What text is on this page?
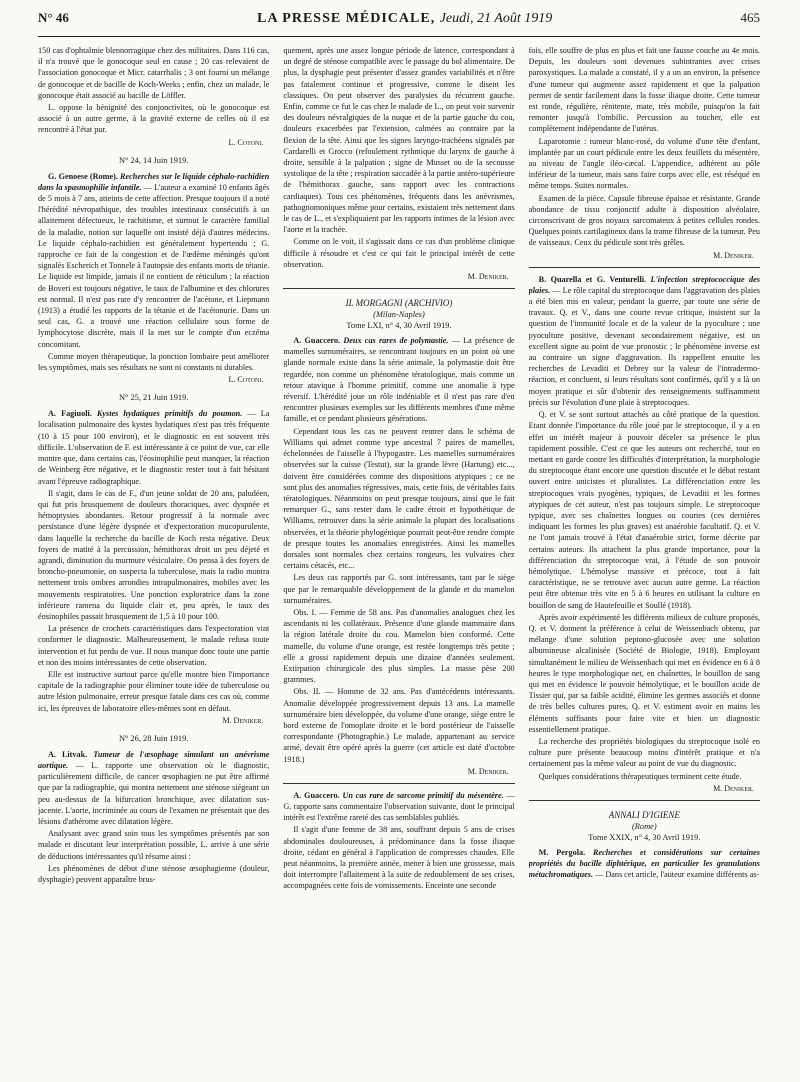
N° 46	LA PRESSE MÉDICALE, Jeudi, 21 Août 1919	465

150 cas d'ophtalmie blennorragique chez des militaires. Dans 116 cas, il n'a trouvé que le gonocoque seul en cause ; 20 cas relevaient de l'association gonocoque et Micr. catarrhalis ; 3 ont fourni un mélange de gonocoque et de bacille de Koch-Weeks ; enfin, chez un malade, le gonocoque était associé au bacille de Löffler.

L. oppose la bénignité des conjonctivites, où le gonocoque est associé à un autre germe, à la gravité externe de celles où il est rencontré à l'état pur.

L. Cotoni.
N° 24, 14 Juin 1919.

G. Genoese (Rome). Recherches sur le liquide céphalo-rachidien dans la spasmophilie infantile. — L'auteur a examiné 10 enfants âgés de 5 mois à 7 ans, atteints de cette affection. Presque toujours il a noté l'hérédité névropathique, des troubles intestinaux consécutifs à un allaitement défectueux, le rachitisme, et surtout le caractère familial de la maladie, notion sur laquelle ont insisté déjà d'autres médecins. Le liquide céphalo-rachidien est généralement hypertendu ; G. rapproche ce fait de la congestion et de l'œdème méningés qu'ont signalés Escherich et Tonnele à l'autopsie des enfants morts de tétanie. Le liquide est limpide, jamais il ne contient de réticulum ; la réaction de Boveri est toujours négative, le taux de l'albumine et des chlorures est normal. Il n'est pas rare d'y rencontrer de l'acétone, et Liepmann (1913) a étudié les rapports de la tétanie et de l'acétonurie. Dans un seul cas, G. a trouvé une réaction cellulaire sous forme de lymphocytose discrète, mais il la met sur le compte d'un eczéma concomitant.

Comme moyen thérapeutique, la ponction lombaire peut améliorer les symptômes, mais ses résultats ne sont ni constants ni durables.

L. Cotoni.
N° 25, 21 Juin 1919.

A. Fagiuoli. Kystes hydatiques primitifs du poumon. — La localisation pulmonaire des kystes hydatiques n'est pas très fréquente (10 à 15 pour 100 environ), et le diagnostic en est souvent très difficile. L'observation de F. est intéressante à ce point de vue, car elle montre que, dans certains cas, l'éosinophilie peut manquer, la réaction de Weinberg être négative, et le diagnostic rester tout à fait hésitant avant l'épreuve radiographique.

Il s'agit, dans le cas de F., d'un jeune soldat de 20 ans, paludéen, qui fut pris brusquement de douleurs thoraciques, avec dyspnée et hémoptysies abondantes. Retour progressif à la normale avec persistance d'une légère dyspnée et d'expectoration mucopurulente, dans laquelle la recherche du bacille de Koch resta négative. Deux foyers de matité à la percussion, hémithorax droit un peu déjeté et agrandi, diminution du murmure vésiculaire. On pensa à des foyers de broncho-pneumonie, on suspecta la tuberculose, mais la radio montra nettement trois ombres arrondies intrapulmonaires, mobiles avec les mouvements respiratoires. Une ponction exploratrice dans la zone inférieure ramena du liquide clair et, peu après, le taux des éosinophiles passait brusquement de 1,5 à 10 pour 100.

La présence de crochets caractéristiques dans l'expectoration vint conformer le diagnostic. Malheureusement, le malade refusa toute intervention et fut perdu de vue. Il nous manque donc toute une partie et non des moins intéressantes de cette observation.

Elle est instructive surtout parce qu'elle montre bien l'importance capitale de la radiographie pour éliminer toute idée de tuberculose ou autre lésion pulmonaire, erreur presque fatale dans ces cas où, comme ici, les épreuves de laboratoire elles-mêmes sont en défaut.

M. Deniker.
N° 26, 28 Juin 1919.

A. Litvak. Tumeur de l'œsophage simulant un anévrisme aortique. — L. rapporte une observation où le diagnostic, particulièrement difficile, de cancer œsophagien ne put être affirmé que par la radiographie, qui montra nettement une sténose siégeant un peu au-dessus de la bifurcation bronchique, avec dilatation sus-jacente. L'aorte, incriminée au cours de l'examen ne présentait que des lésions d'athérome avec dilatation légère.

Analysant avec grand soin tous les symptômes présentés par son malade et discutant leur interprétation possible, L. arrive à une série de déductions intéressantes qu'il résume ainsi :

Les phénomènes de début d'une sténose œsophagienne (douleur, dysphagie) peuvent apparaître brus-

quement, après une assez longue période de latence, correspondant à un degré de sténose compatible avec le passage du bol alimentaire. De plus, la dysphagie peut présenter d'assez grandes variabilités et n'être pas fatalement continue et progressive, comme le disent les classiques. On peut observer des paralysies du récurrent gauche. Enfin, comme ce fut le cas chez le malade de L., on peut voir survenir des douleurs névralgiques de la nuque et de la partie gauche du cou, douleurs exacerbées par l'extension, calmées au contraire par la flexion de la tête. Ainsi que les signes laryngo-trachéens signalés par Cardarelli et Grocco (refoulement rythmique du larynx de gauche à droite, sensible à la palpation ; signe de Musset ou de la secousse systolique de la tête ; respiration saccadée à la partie antéro-supérieure de l'hémithorax gauche, sans rapport avec les contractions cardiaques). Tous ces phénomènes, fréquents dans les anévrismes, pathognomoniques même pour certains, existaient très nettement dans le cas de L., et s'expliquaient par les rapports intimes de la lésion avec l'aorte et la trachée.

Comme on le voit, il s'agissait dans ce cas d'un problème clinique difficile à résoudre et c'est ce qui fait le principal intérêt de cette observation.

M. Deniker.
IL MORGAGNI (ARCHIVIO)
(Milan-Naples)
Tome LXI, n° 4, 30 Avril 1919.

A. Guaccero. Deux cas rares de polymastie. — La présence de mamelles surnuméraires, se rencontrant toujours en un point où une glande normale existe dans la série animale, la polymastie doit être regardée, non comme un phénomène tératologique, mais comme un retour atavique à l'homme primitif, comme une anomalie à type réversif. L'hérédité joue un rôle indéniable et il n'est pas rare d'en rencontrer plusieurs exemples sur les différents membres d'une même famille, et ce pendant plusieurs générations.

Cependant tous les cas ne peuvent rentrer dans le schéma de Williams qui admet comme type ancestral 7 paires de mamelles, échelonnées de l'aisselle à l'hypogastre. Les mamelles surnuméraires observées sur la cuisse (Testut), sur la grande lèvre (Hartung) etc..., doivent être considérées comme des dispositions atypiques ; ce ne sont plus des anomalies régressives, mais, cette fois, de véritables faits tératologiques. Néanmoins on peut presque toujours, ainsi que le fait remarquer G., sans rester dans le cadre étroit et hypothétique de Williams, retrouver dans la série animale la plupart des localisations observées, et la théorie phylogénique pourrait peut-être rendre compte de presque toutes les anomalies enregistrées. Ainsi les mamelles dorsales sont normales chez certains rongeurs, les vulvaires chez certains cétacés, etc...

Les deux cas rapportés par G. sont intéressants, tant par le siège que par le remarquable développement de la glande et du mamelon surnuméraires.

Obs. I. — Femme de 58 ans. Pas d'anomalies analogues chez les ascendants ni les collatéraux. Présence d'une glande mammaire dans la région latérale droite du cou. Mamelon bien conformé. Cette mamelle, du volume d'une orange, est restée longtemps très petite ; elle a grossi rapidement depuis une dizaine d'années seulement. Extirpation chirurgicale des plus simples. La masse pèse 200 grammes.

Obs. II. — Homme de 32 ans. Pas d'antécédents intéressants. Anomalie développée progressivement depuis 13 ans. La mamelle surnuméraire bien développée, du volume d'une orange, siège entre le bord externe de l'omoplate droite et le bord postérieur de l'aisselle correspondante (Photographie.) Le malade, appartenant au service armé, devait être opéré après la guerre (cet article est daté d'octobre 1918.)

M. Deniker.

A. Guaccero. Un cas rare de sarcome primitif du mésentère. — G. rapporte sans commentaire l'observation suivante, dont le principal intérêt est l'extrême rareté des cas semblables publiés.

Il s'agit d'une femme de 38 ans, souffrant depuis 5 ans de crises abdominales douloureuses, à prédominance dans la fosse iliaque droite, cédant en général à l'application de compresses chaudes. Elle peut néanmoins, la première année, mener à bien une grossesse, mais doit interrompre l'allaitement à la suite de redoublement de ses crises, accompagnées cette fois de vomissements. Enceinte une seconde

fois, elle souffre de plus en plus et fait une fausse couche au 4e mois. Depuis, les douleurs sont devenues subintrantes avec crises paroxystiques. La malade a constaté, il y a un an environ, la présence d'une tumeur qui augmente assez rapidement et que la palpation permet de sentir facilement dans la fosse iliaque droite. Cette tumeur est ronde, régulière, rénitente, mate, très mobile, puisqu'on la fait remonter jusqu'à l'ombilic. Percussion au toucher, elle est complètement indépendante de l'utérus.

Laparotomie : tumeur blanc-rosé, du volume d'une tête d'enfant, implantée par un court pédicule entre les deux feuillets du mésentère, au niveau de l'angle iléo-cæcal. L'appendice, adhérent au pôle inférieur de la tumeur, mais sans faire corps avec elle, est réséqué en même temps. Suites normales.

Examen de la pièce. Capsule fibreuse épaisse et résistante. Grande abondance de tissu conjonctif adulte à disposition alvéolaire, circonscrivant de gros noyaux sarcomateux à petites cellules rondes. Quelques points cartilagineux dans la trame fibreuse de la tumeur. Peu de vaisseaux. Ceux du pédicule sont très grêles.

M. Deniker.

B. Quarella et G. Venturelli. L'infection streptococcique des plaies. — Le rôle capital du streptocoque dans l'aggravation des plaies a été bien mis en valeur, pendant la guerre, par toute une série de travaux. Q. et V., dans une courte revue critique, insistent sur la question de l'immunité locale et de la valeur de la pyoculture ; une pyoculture positive, devenant secondairement négative, est un excellent signe au point de vue pronostic ; le phénomène inverse est au contraire un signe d'aggravation. Ils rappellent ensuite les recherches de Levaditi et Debrey sur la valeur de l'intradermo-réaction, et concluent, si leurs résultats sont confirmés, qu'il y a là un moyen pratique et sûr d'obtenir des renseignements suffisamment précis sur l'évolution d'une plaie à streptocoques.

Q. et V. se sont surtout attachés au côté pratique de la question. Etant donnée l'importance du rôle joué par le streptocoque, il y a en effet un intérêt majeur à pouvoir déceler sa présence le plus rapidement possible. C'est ce que les auteurs ont recherché, tout en mettant en garde contre les difficultés d'interprétation, la morphologie du streptocoque étant encore une question discutée et le débat restant ouvert entre unicistes et pluralistes. La différenciation entre les streptocoques vrais pyogènes, typiques, de Levaditi et les formes atypiques de cet auteur, n'est pas toujours simple. Le streptocoque typique, avec ses chaînettes longues ou courtes (ces dernières indiquant les formes les plus graves) est anaérobie facultatif. Q. et V. ne l'ont jamais trouvé à l'état d'anaérobie strict, forme décrite par certains auteurs. Ils attachent la plus grande importance, pour la différenciation du streptocoque vrai, à l'étude de son pouvoir hémolytique. L'hémolyse massive et précoce, tout à fait caractéristique, ne se retrouve avec aucun autre germe. La réaction peut être obtenue très vite en 5 à 6 heures en utilisant la culture en bouillon de sang de Hautefeuille et Soullé (1918).

Après avoir expérimenté les différents milieux de culture proposés, Q. et V. donnent la préférence à celui de Weissenbach obtenu, par mélange d'une solution peptono-glucosée avec une solution albumineuse alcalinisée (Société de Biologie, 1918). Employant simultanément le milieu de Weissenbach qui met en évidence en 6 à 8 heures le type morphologique net, en chaînettes, le bouillon de sang qui met en évidence le pouvoir hémolytique, et le bouillon acide de Tissier qui, par sa faible acidité, élimine les germes associés et donne de très belles cultures pures, Q. et V. estiment avoir en mains les éléments suffisants pour faire vite et bien un diagnostic essentiellement pratique.

La recherche des propriétés biologiques du streptocoque isolé en culture pure présente beaucoup moins d'intérêt pratique et n'a certainement pas la même valeur au point de vue du diagnostic.

Quelques considérations thérapeutiques terminent cette étude.

M. Deniker.
ANNALI D'IGIENE
(Rome)
Tome XXIX, n° 4, 30 Avril 1919.

M. Pergola. Recherches et considérations sur certaines propriétés du bacille diphtérique, en particulier les granulations métachromatiques. — Dans cet article, l'auteur examine différents as-
